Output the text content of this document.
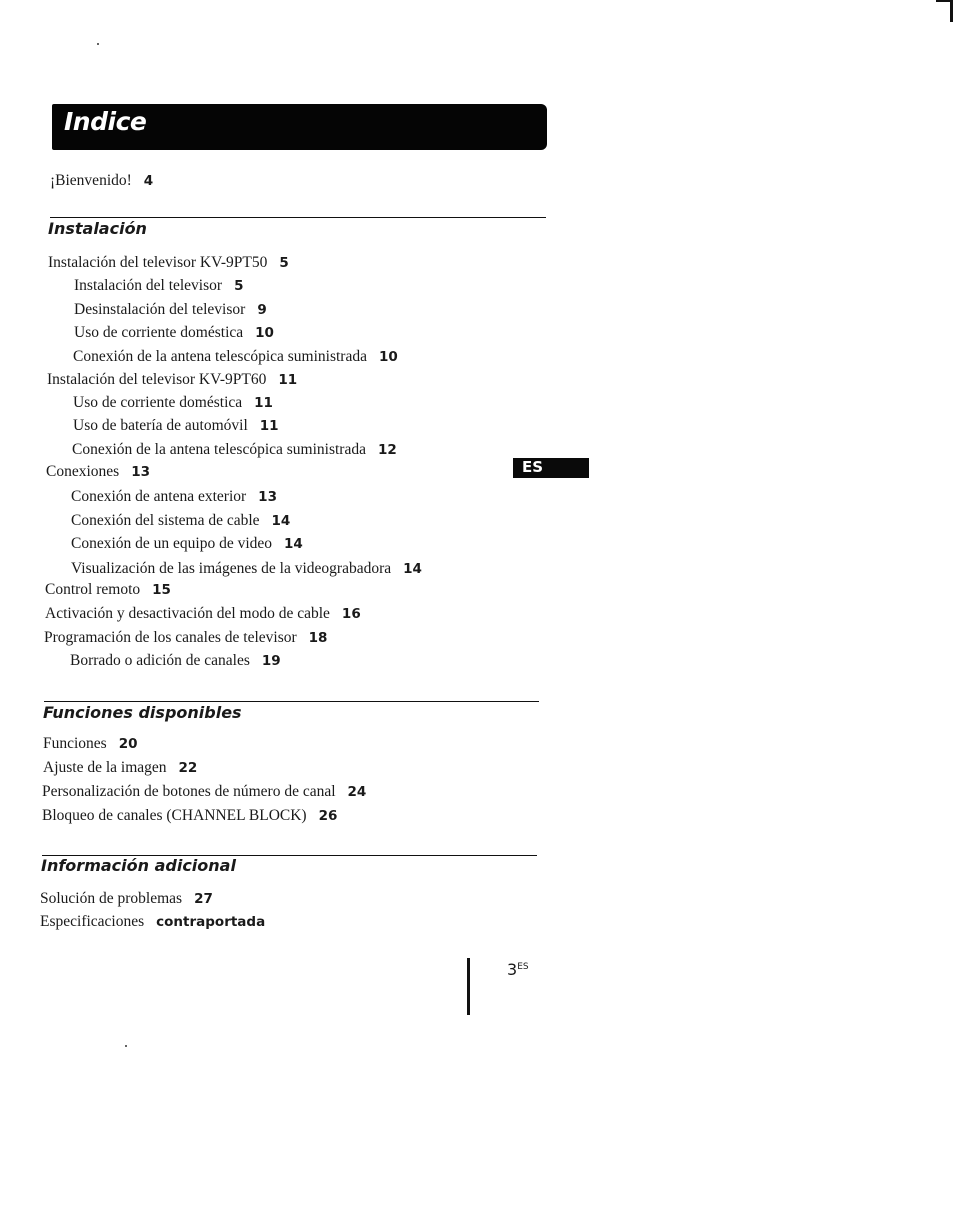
Indice
¡Bienvenido! 4
Instalación
Instalación del televisor KV-9PT50 5
Instalación del televisor 5
Desinstalación del televisor 9
Uso de corriente doméstica 10
Conexión de la antena telescópica suministrada 10
Instalación del televisor KV-9PT60 11
Uso de corriente doméstica 11
Uso de batería de automóvil 11
Conexión de la antena telescópica suministrada 12
Conexiones 13
Conexión de antena exterior 13
Conexión del sistema de cable 14
Conexión de un equipo de video 14
Visualización de las imágenes de la videograbadora 14
Control remoto 15
Activación y desactivación del modo de cable 16
Programación de los canales de televisor 18
Borrado o adición de canales 19
ES
Funciones disponibles
Funciones 20
Ajuste de la imagen 22
Personalización de botones de número de canal 24
Bloqueo de canales (CHANNEL BLOCK) 26
Información adicional
Solución de problemas 27
Especificaciones contraportada
$3^{ES}$
